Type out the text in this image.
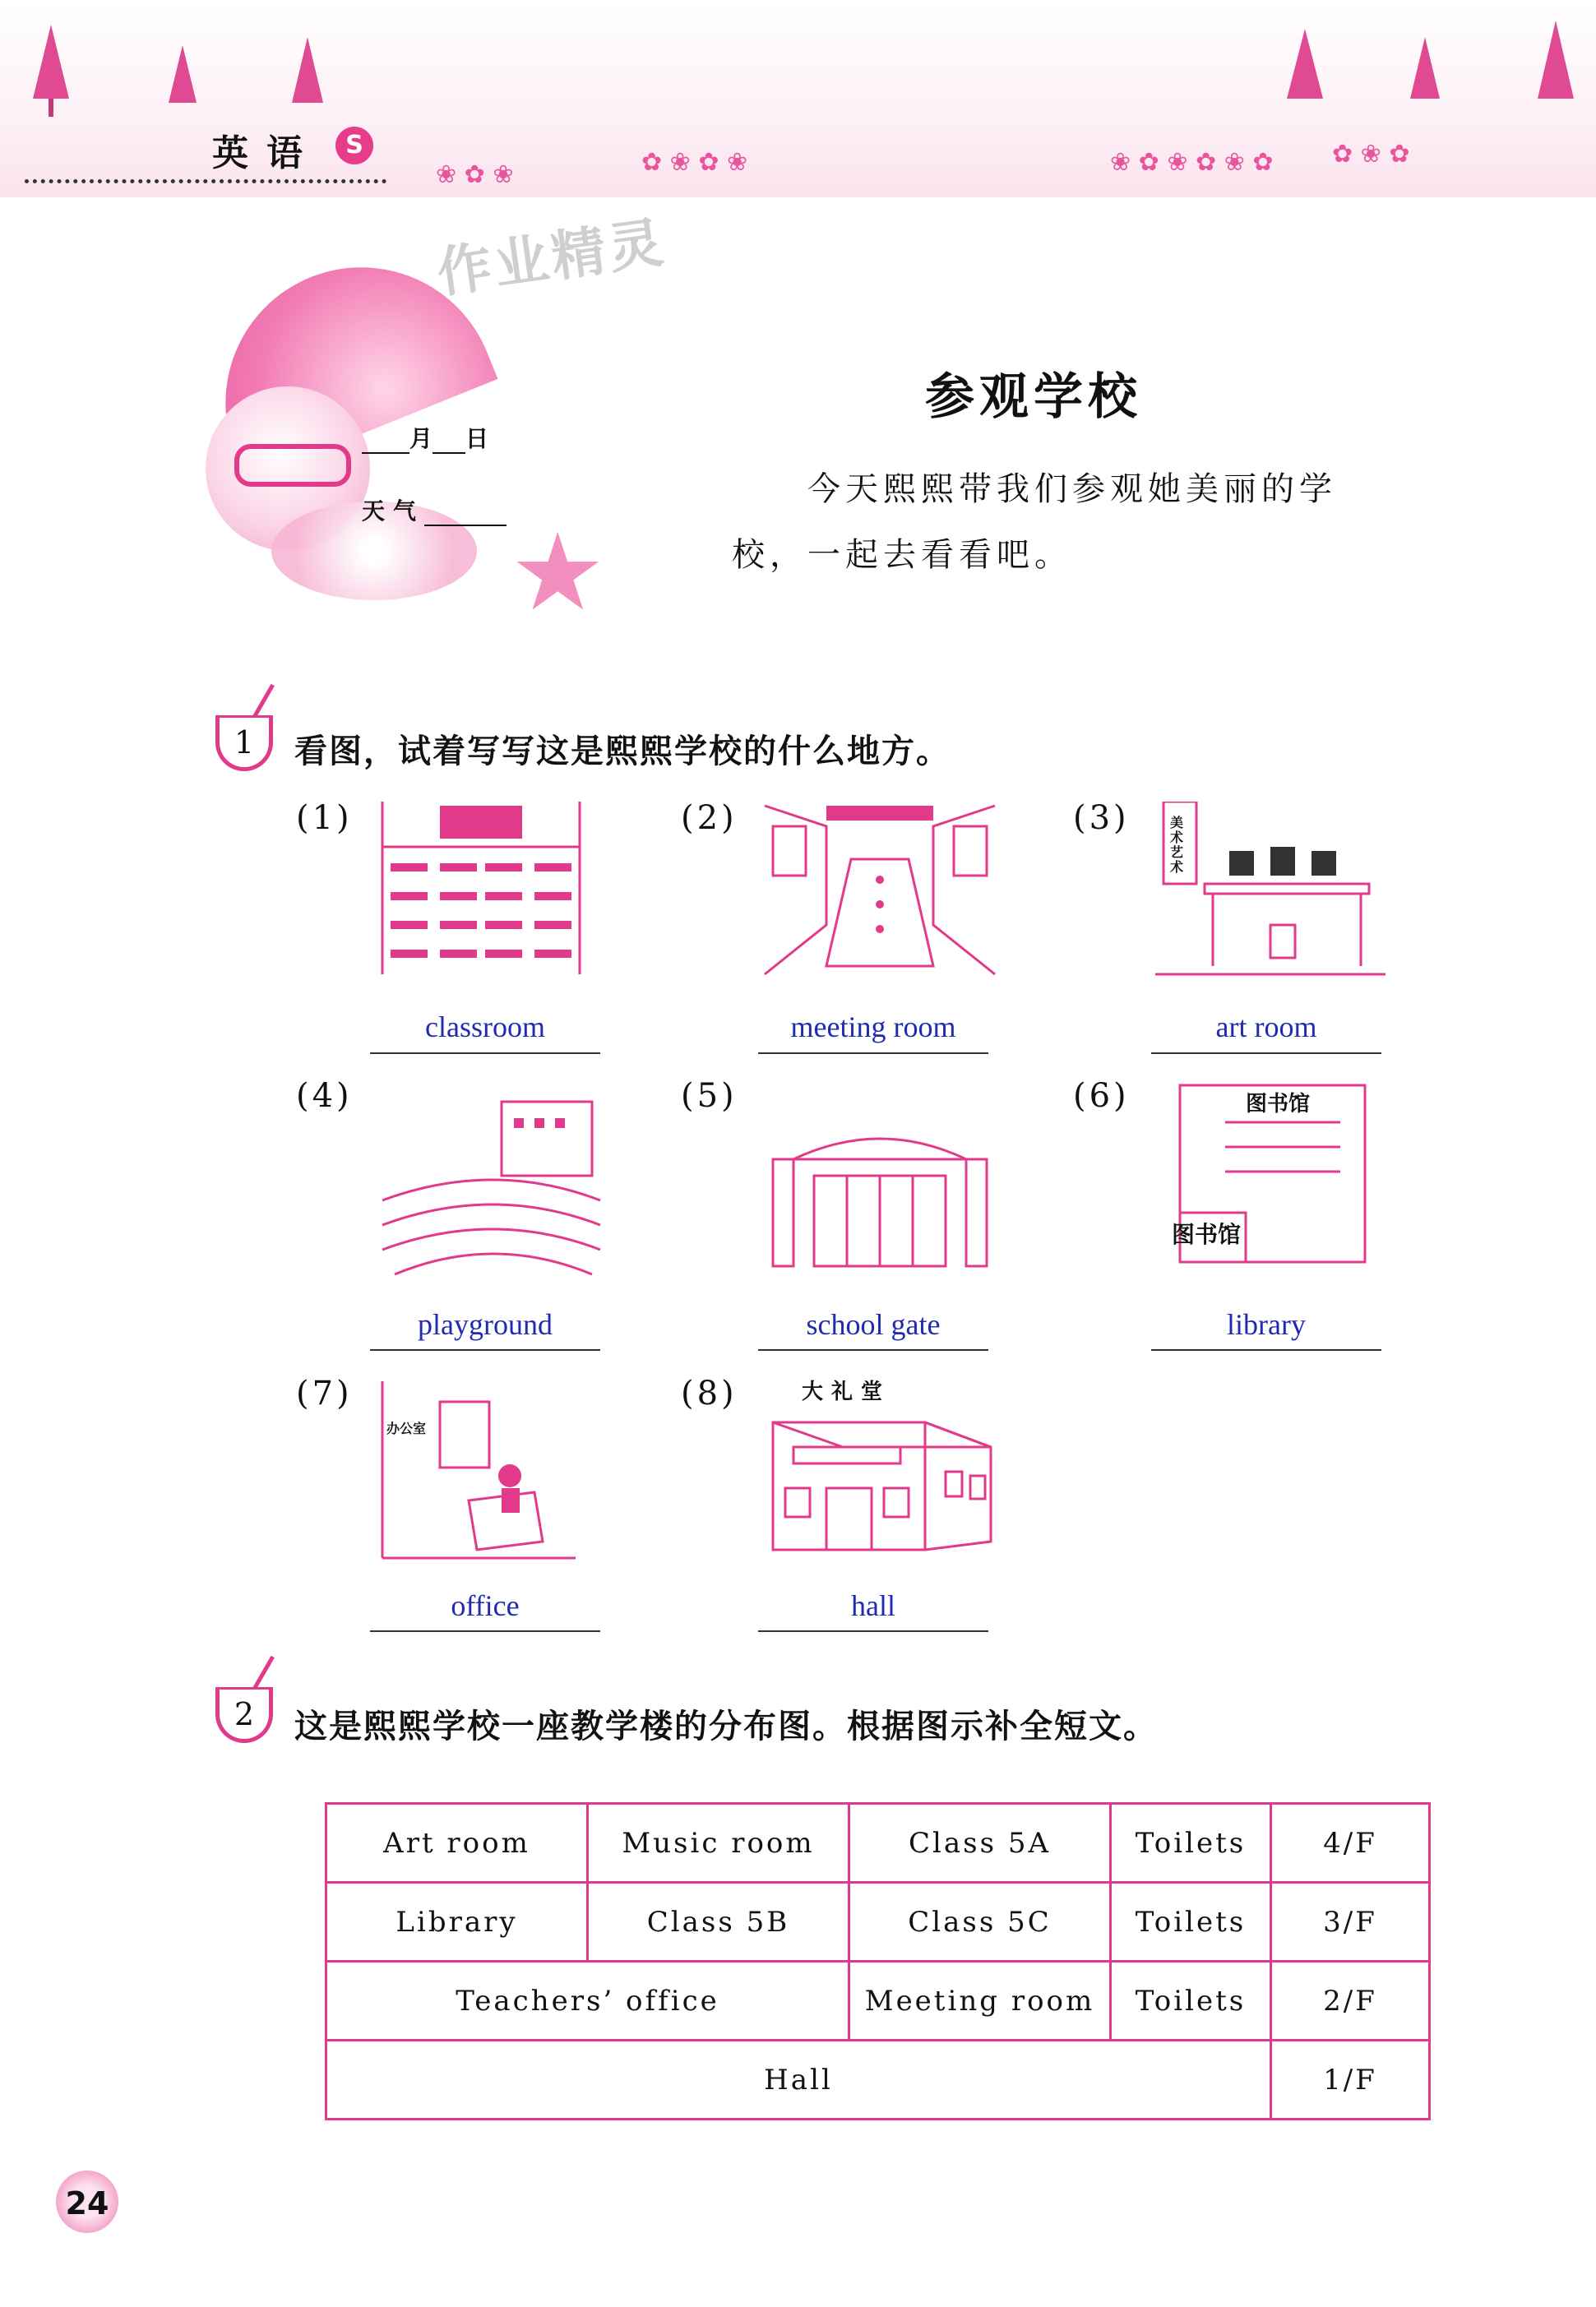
❀ ✿ ❀	✿ ❀ ✿ ❀	❀ ✿ ❀ ✿ ❀ ✿ ✿ ❀ ✿
英语	S
作业精灵
★
月 日
天气
参观学校
今天熙熙带我们参观她美丽的学校，一起去看看吧。
1	看图，试着写写这是熙熙学校的什么地方。
(1)
classroom
(2)
meeting room
(3)	美术艺术
art room
(4)
playground
(5)
school gate
(6)	图书馆
图书馆
library
(7)
办公室
office
(8)	大礼堂
hall
2	这是熙熙学校一座教学楼的分布图。根据图示补全短文。
Art room	Music room	Class 5A	Toilets	4/F
Library	Class 5B	Class 5C	Toilets	3/F
Teachers’ office		Meeting room	Toilets	2/F
Hall				1/F
24
